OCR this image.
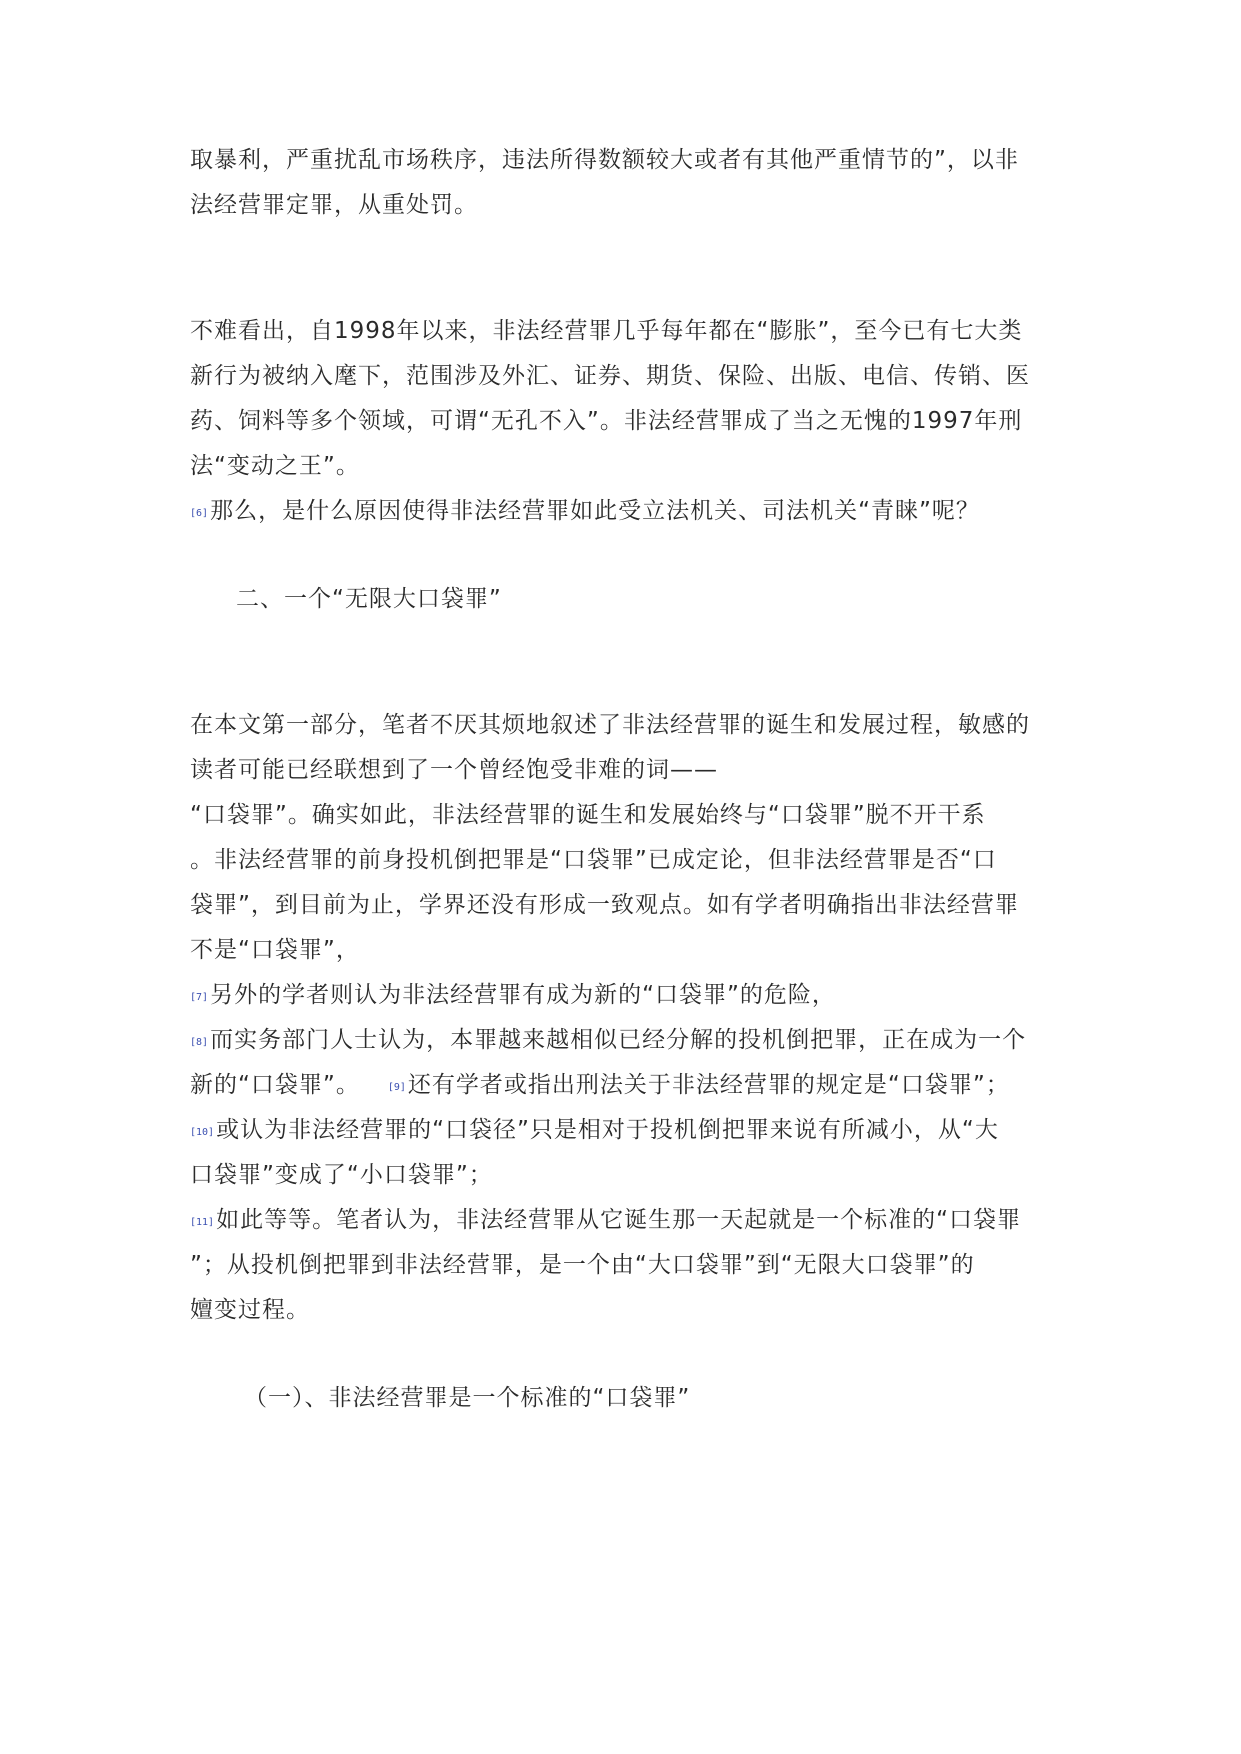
取暴利，严重扰乱市场秩序，违法所得数额较大或者有其他严重情节的”，以非
法经营罪定罪，从重处罚。
不难看出，自1998年以来，非法经营罪几乎每年都在“膨胀”，至今已有七大类
新行为被纳入麾下，范围涉及外汇、证券、期货、保险、出版、电信、传销、医
药、饲料等多个领域，可谓“无孔不入”。非法经营罪成了当之无愧的1997年刑
法“变动之王”。
[6]那么，是什么原因使得非法经营罪如此受立法机关、司法机关“青睐”呢？
二、一个“无限大口袋罪”
在本文第一部分，笔者不厌其烦地叙述了非法经营罪的诞生和发展过程，敏感的
读者可能已经联想到了一个曾经饱受非难的词——
“口袋罪”。确实如此，非法经营罪的诞生和发展始终与“口袋罪”脱不开干系
。非法经营罪的前身投机倒把罪是“口袋罪”已成定论，但非法经营罪是否“口
袋罪”，到目前为止，学界还没有形成一致观点。如有学者明确指出非法经营罪
不是“口袋罪”，
[7]另外的学者则认为非法经营罪有成为新的“口袋罪”的危险，
[8]而实务部门人士认为，本罪越来越相似已经分解的投机倒把罪，正在成为一个
新的“口袋罪”。	[9]还有学者或指出刑法关于非法经营罪的规定是“口袋罪”；
[10]或认为非法经营罪的“口袋径”只是相对于投机倒把罪来说有所减小，从“大
口袋罪”变成了“小口袋罪”；
[11]如此等等。笔者认为，非法经营罪从它诞生那一天起就是一个标准的“口袋罪
”；从投机倒把罪到非法经营罪，是一个由“大口袋罪”到“无限大口袋罪”的
嬗变过程。
（一）、非法经营罪是一个标准的“口袋罪”
